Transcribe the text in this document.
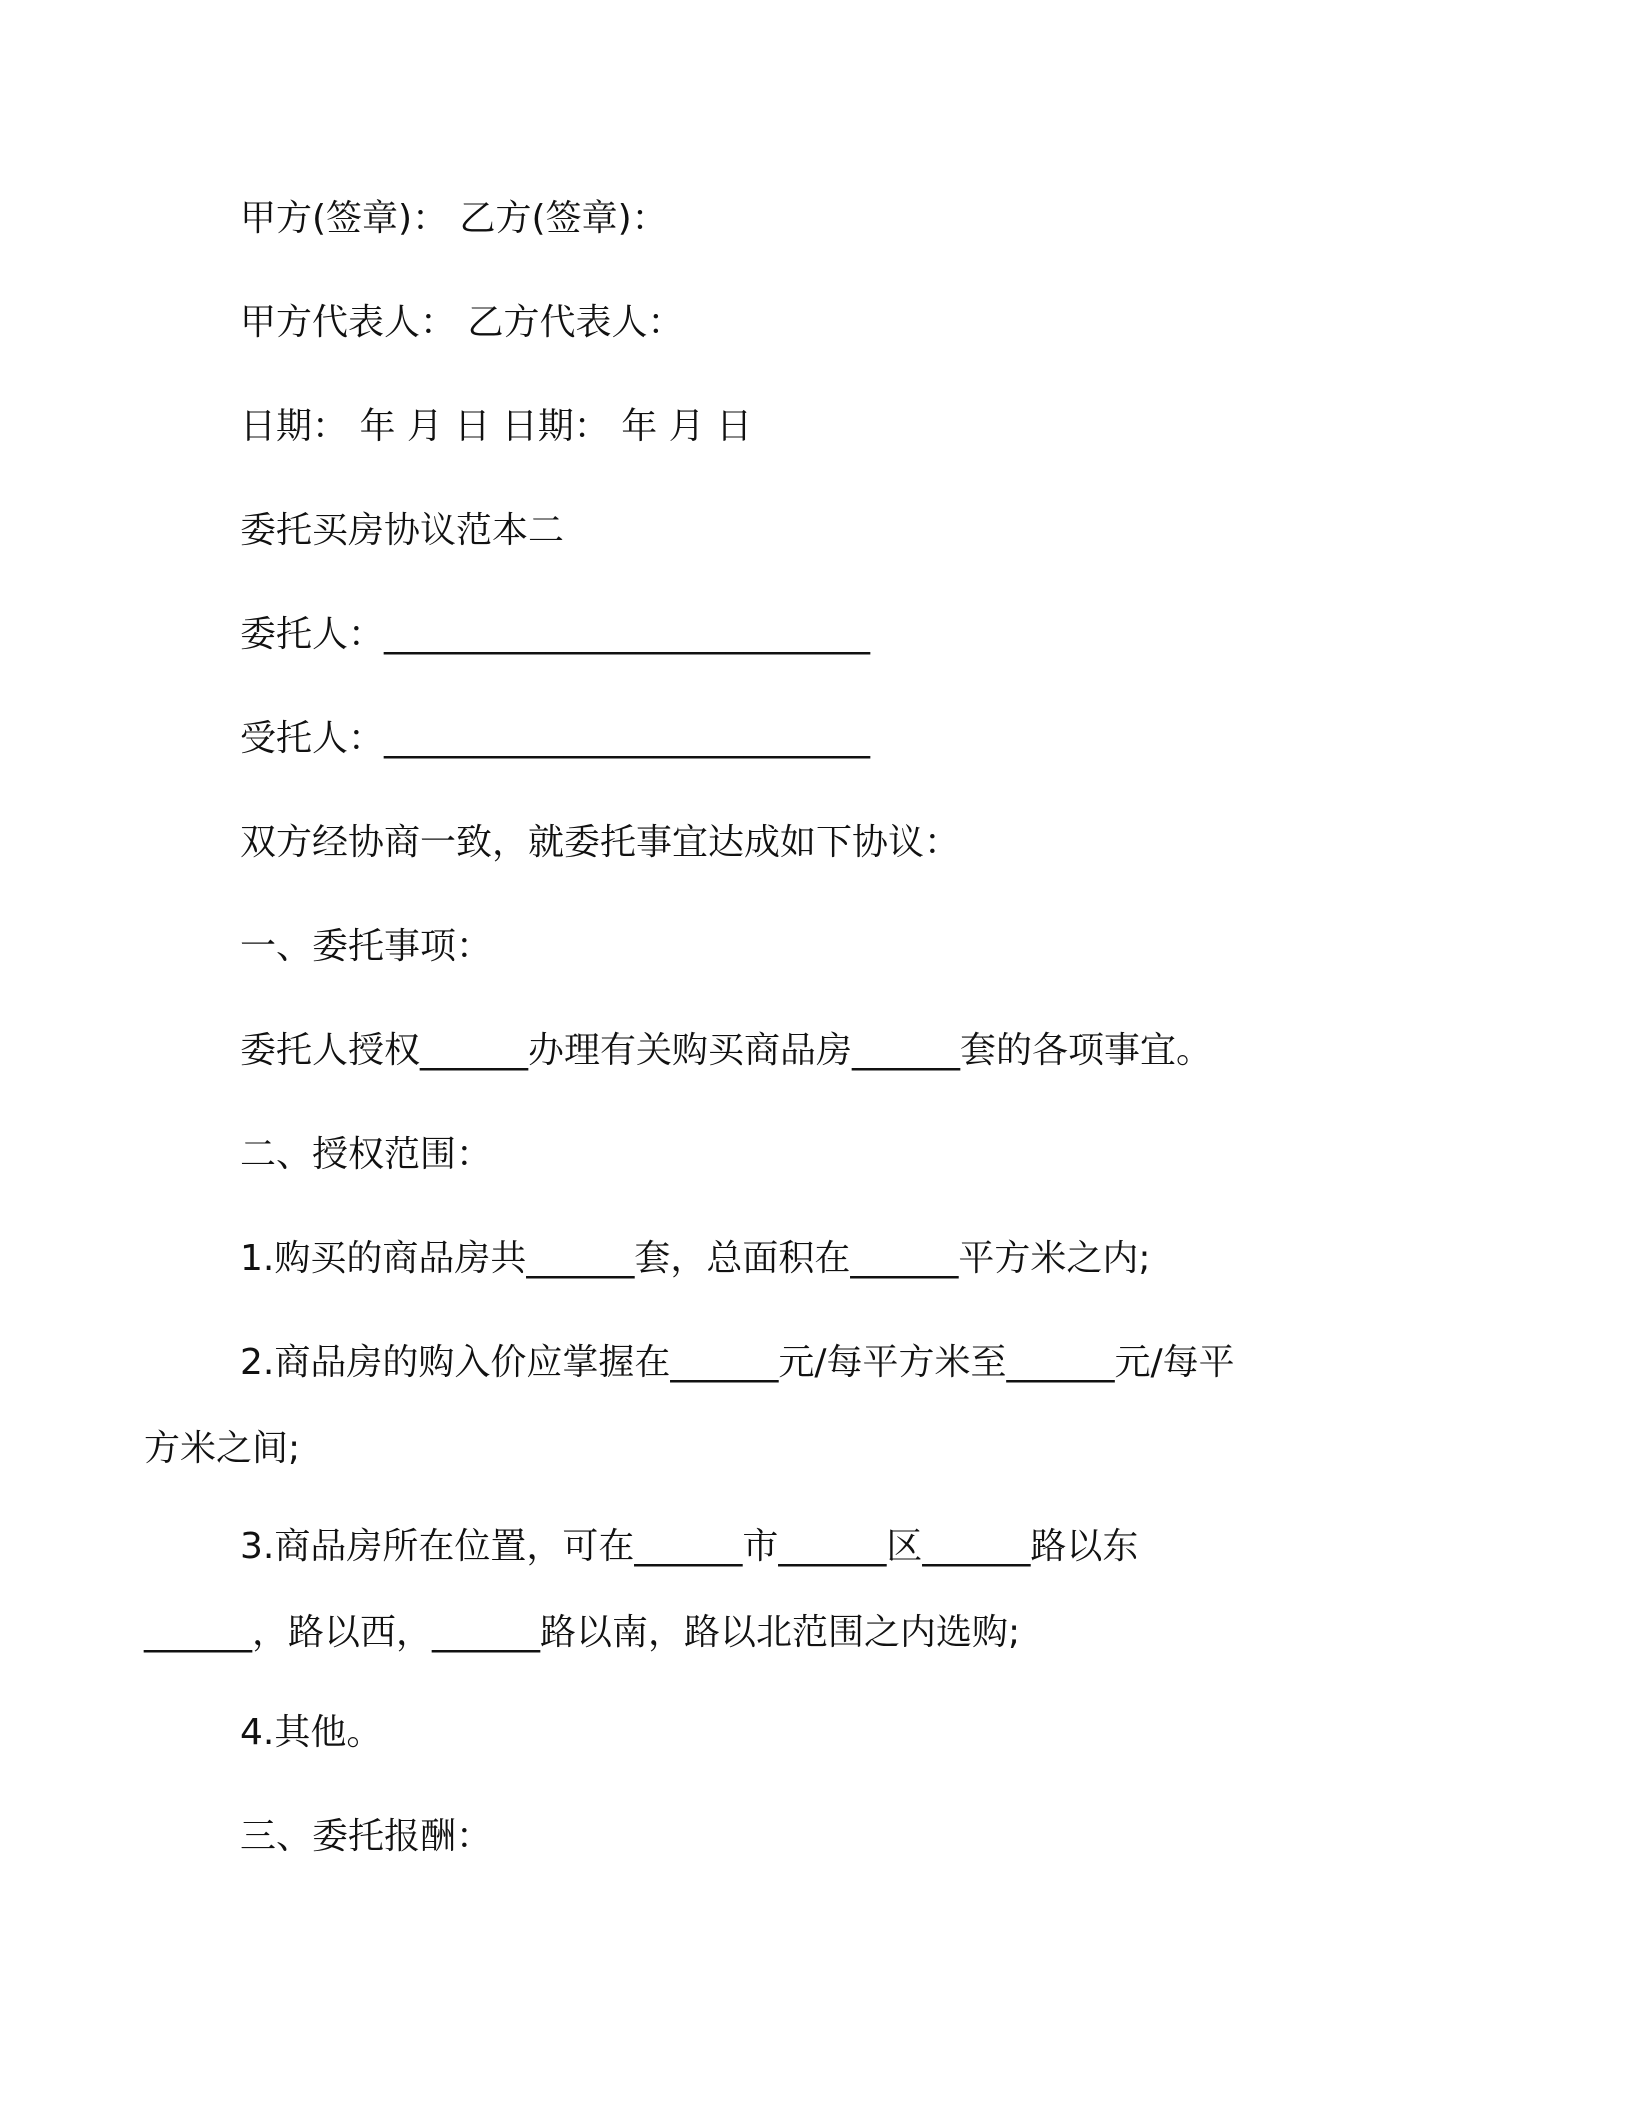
甲方(签章)： 乙方(签章)：

甲方代表人： 乙方代表人：

日期： 年 月 日 日期： 年 月 日

委托买房协议范本二

委托人：___________________________

受托人：___________________________

双方经协商一致，就委托事宜达成如下协议：

一、委托事项：

委托人授权______办理有关购买商品房______套的各项事宜。

二、授权范围：

1.购买的商品房共______套，总面积在______平方米之内;

2.商品房的购入价应掌握在______元/每平方米至______元/每平方米之间;

3.商品房所在位置，可在______市______区______路以东______，路以西，______路以南，路以北范围之内选购;

4.其他。

三、委托报酬：
